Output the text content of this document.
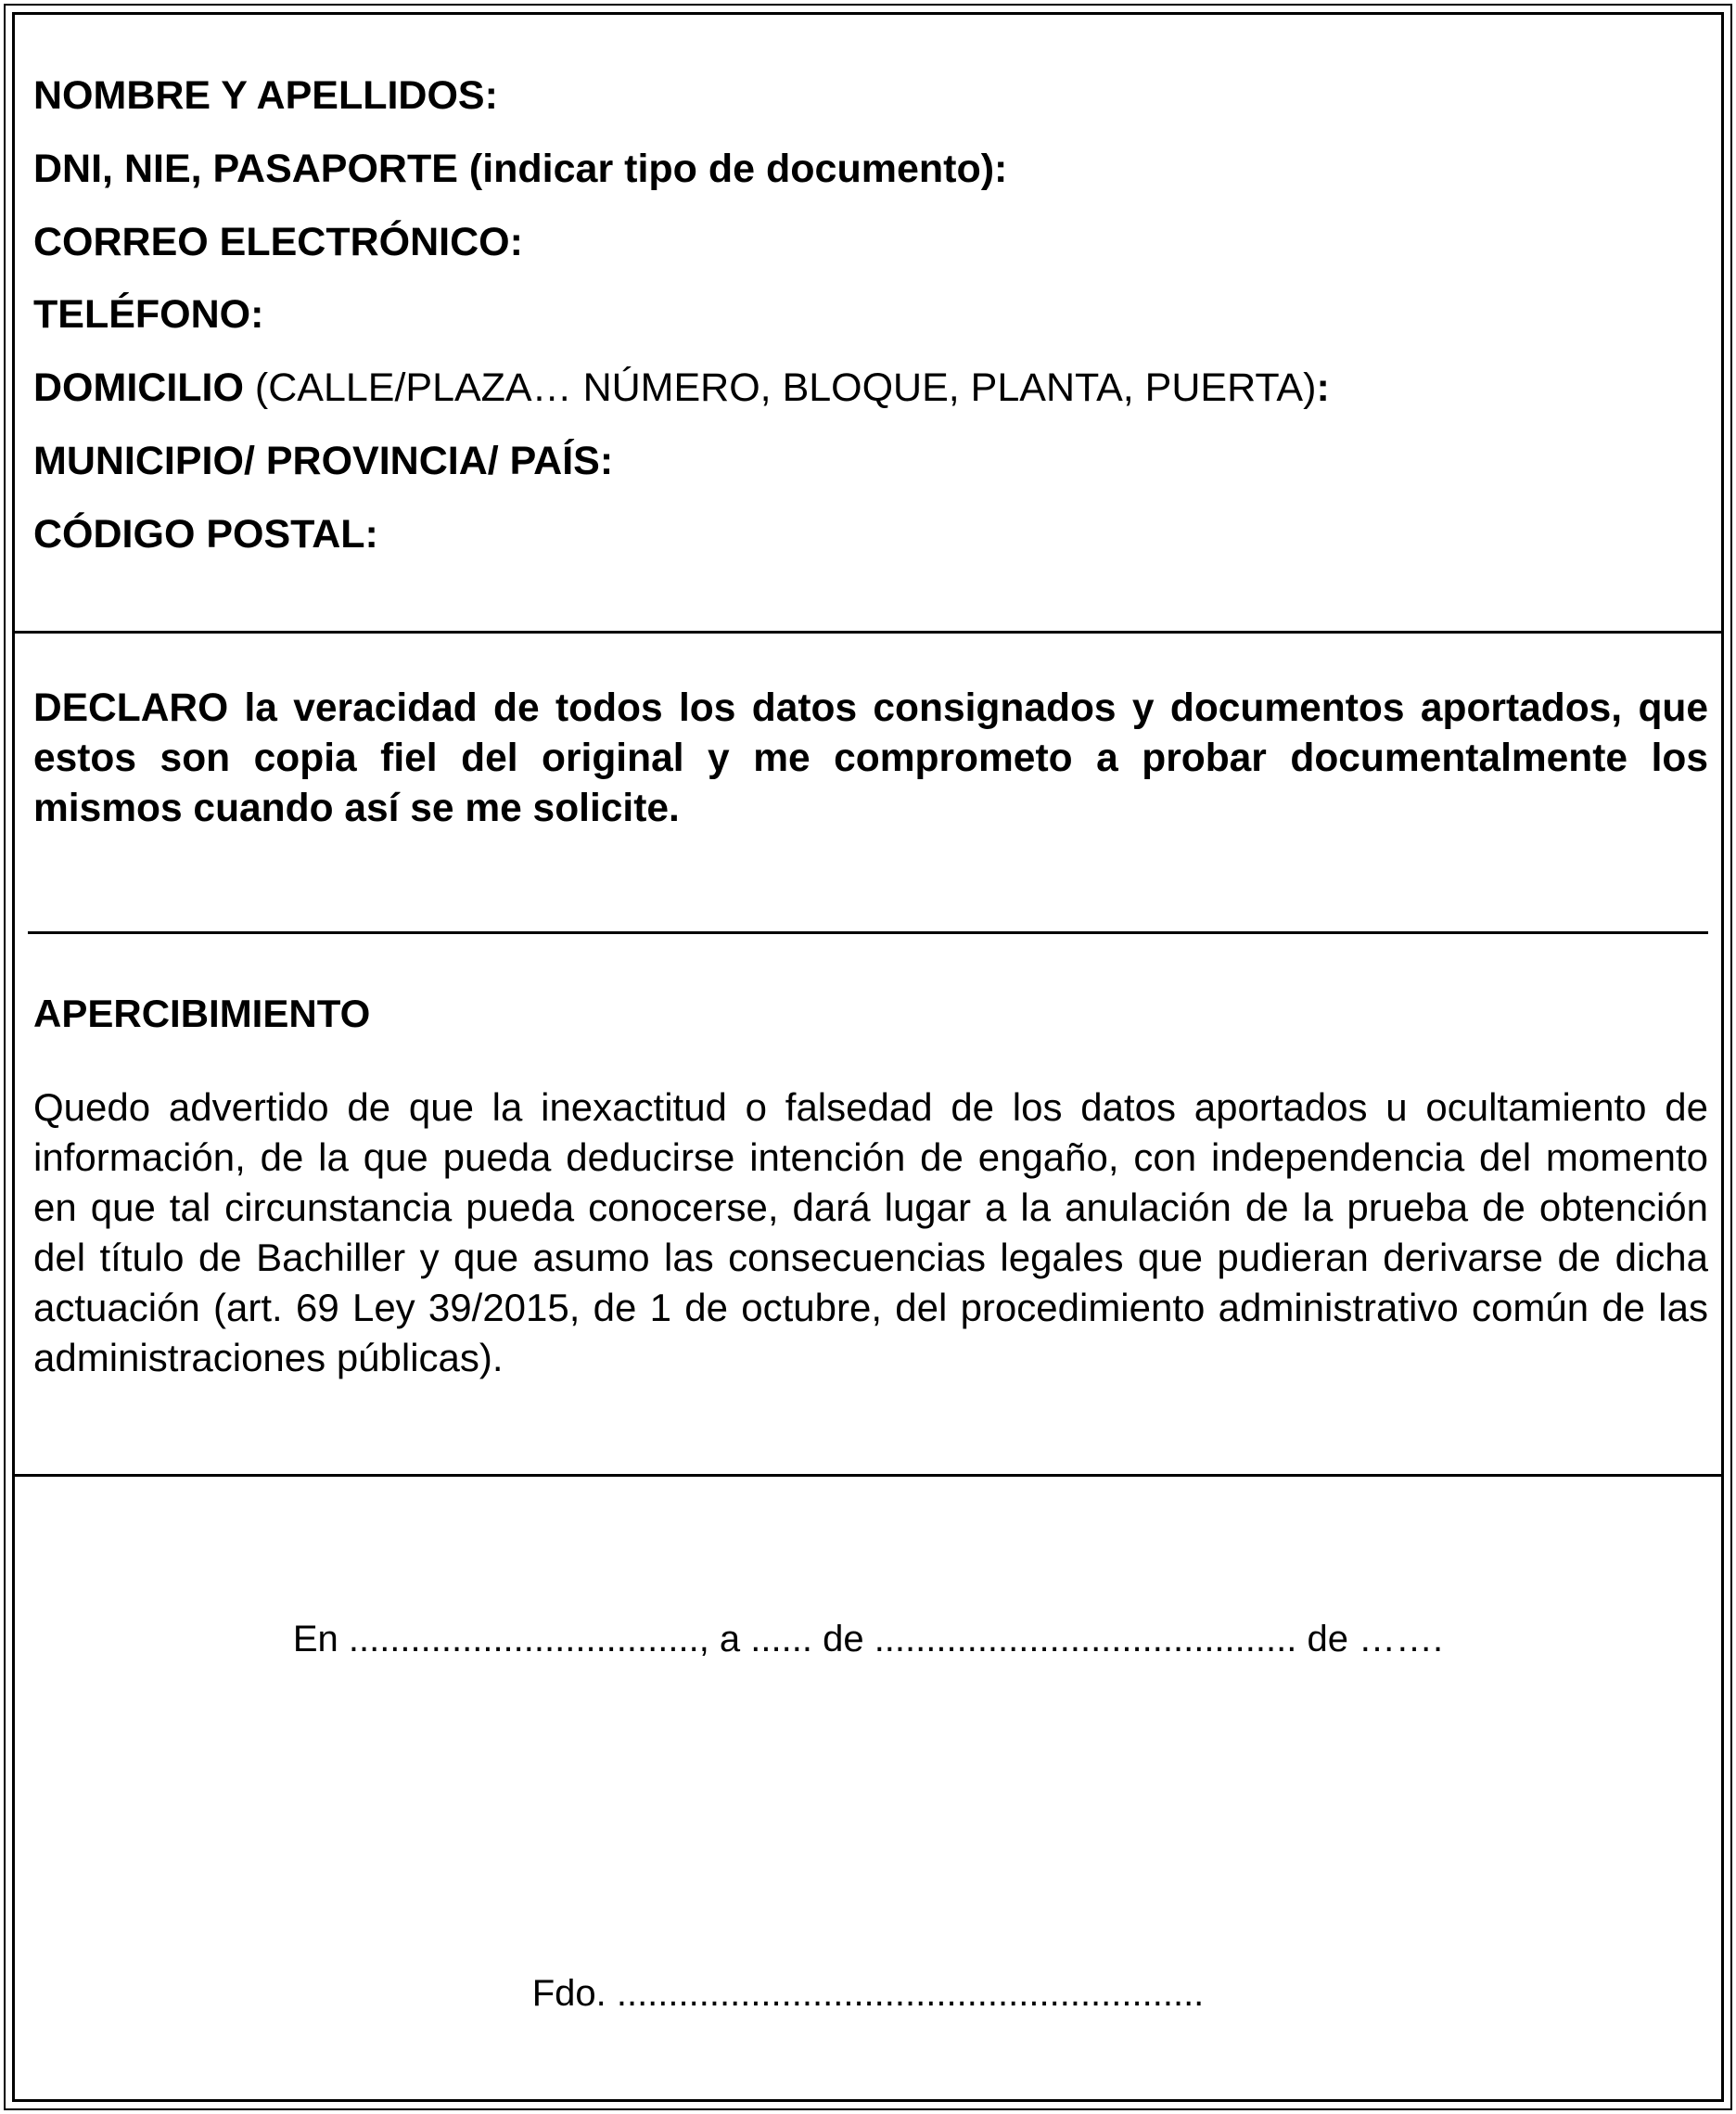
NOMBRE Y APELLIDOS:
DNI, NIE, PASAPORTE (indicar tipo de documento):
CORREO ELECTRÓNICO:
TELÉFONO:
DOMICILIO (CALLE/PLAZA… NÚMERO, BLOQUE, PLANTA, PUERTA):
MUNICIPIO/ PROVINCIA/ PAÍS:
CÓDIGO POSTAL:

DECLARO la veracidad de todos los datos consignados y documentos aportados, que estos son copia fiel del original y me comprometo a probar documentalmente los mismos cuando así se me solicite.

APERCIBIMIENTO

Quedo advertido de que la inexactitud o falsedad de los datos aportados u ocultamiento de información, de la que pueda deducirse intención de engaño, con independencia del momento en que tal circunstancia pueda conocerse, dará lugar a la anulación de la prueba de obtención del título de Bachiller y que asumo las consecuencias legales que pudieran derivarse de dicha actuación (art. 69 Ley 39/2015, de 1 de octubre, del procedimiento administrativo común de las administraciones públicas).

En .................................., a ...... de ......................................... de …….
Fdo. .........................................................
